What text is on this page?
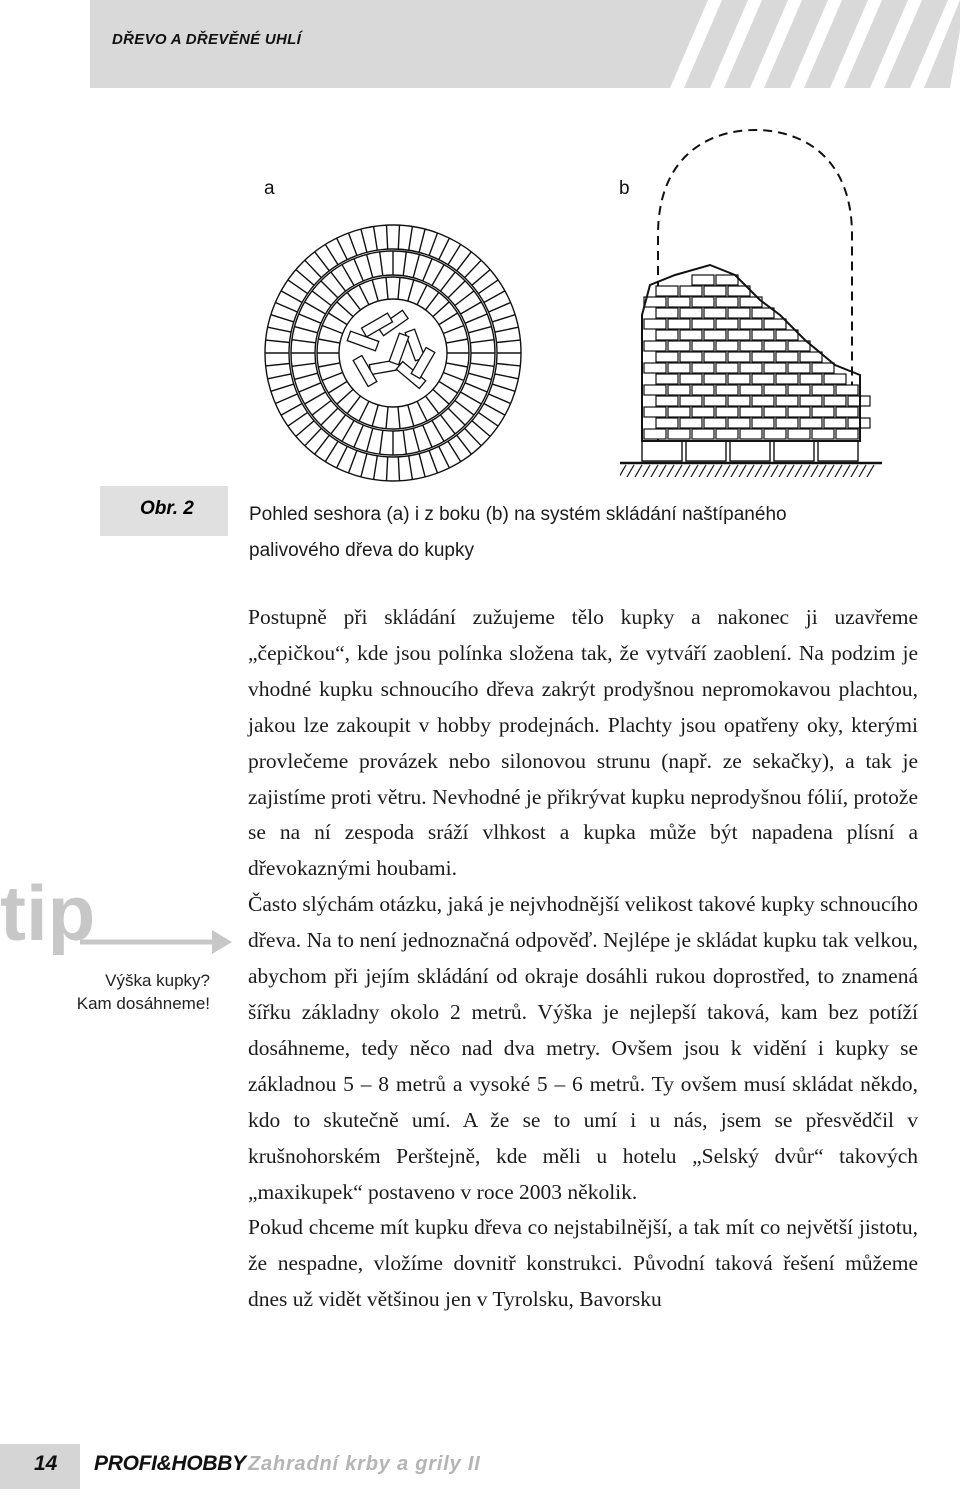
DŘEVO A DŘEVĚNÉ UHLÍ
a	b
Obr. 2	Pohled seshora (a) i z boku (b) na systém skládání naštípaného
palivového dřeva do kupky
tip
Výška kupky?
Kam dosáhneme!

Postupně při skládání zužujeme tělo kupky a nakonec ji uzavřeme „čepičkou“, kde jsou polínka složena tak, že vytváří zaoblení. Na podzim je vhodné kupku schnoucího dřeva zakrýt prodyšnou nepromokavou plachtou, jakou lze zakoupit v hobby prodejnách. Plachty jsou opatřeny oky, kterými provlečeme provázek nebo silonovou strunu (např. ze sekačky), a tak je zajistíme proti větru. Nevhodné je přikrývat kupku neprodyšnou fólií, protože se na ní zespoda sráží vlhkost a kupka může být napadena plísní a dřevokaznými houbami.

Často slýchám otázku, jaká je nejvhodnější velikost takové kupky schnoucího dřeva. Na to není jednoznačná odpověď. Nejlépe je skládat kupku tak velkou, abychom při jejím skládání od okraje dosáhli rukou doprostřed, to znamená šířku základny okolo 2 metrů. Výška je nejlepší taková, kam bez potíží dosáhneme, tedy něco nad dva metry. Ovšem jsou k vidění i kupky se základnou 5 – 8 metrů a vysoké 5 – 6 metrů. Ty ovšem musí skládat někdo, kdo to skutečně umí. A že se to umí i u nás, jsem se přesvědčil v krušnohorském Perštejně, kde měli u hotelu „Selský dvůr“ takových „maxikupek“ postaveno v roce 2003 několik.

Pokud chceme mít kupku dřeva co nejstabilnější, a tak mít co největší jistotu, že nespadne, vložíme dovnitř konstrukci. Původní taková řešení můžeme dnes už vidět většinou jen v Tyrolsku, Bavorsku

14 PROFI&HOBBY Zahradní krby a grily II
